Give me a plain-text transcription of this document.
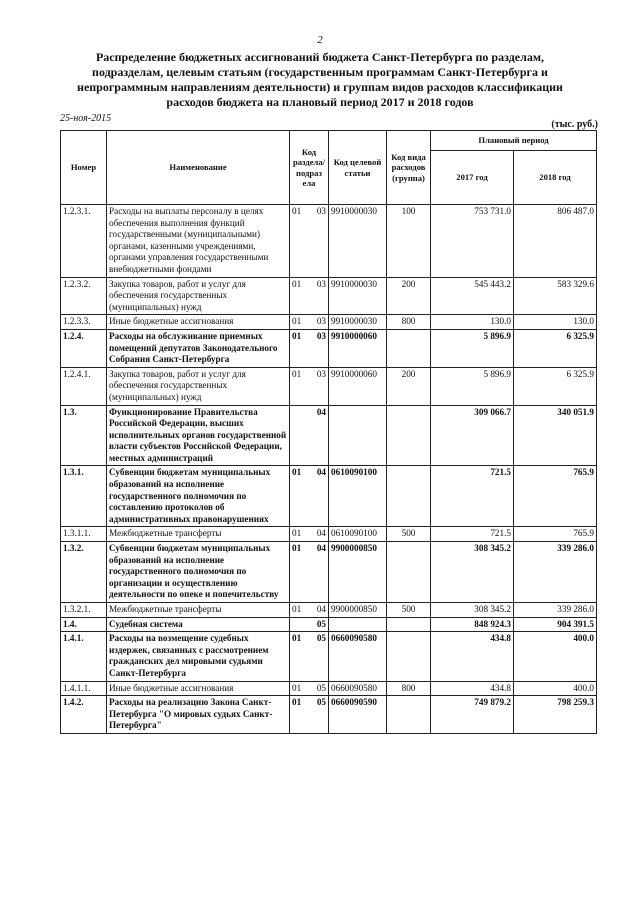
2
Распределение бюджетных ассигнований бюджета Санкт-Петербурга по разделам, подразделам, целевым статьям (государственным программам Санкт-Петербурга и непрограммным направлениям деятельности) и группам видов расходов классификации расходов бюджета на плановый период 2017 и 2018 годов
25-ноя-2015
(тыс. руб.)
Номер	Наименование	Код раздела/ подраз ела		Код целевой статьи	Код вида расходов (группа)	Плановый период	
						2017 год	2018 год
1.2.3.1.	Расходы на выплаты персоналу в целях обеспечения выполнения функций государственными (муниципальными) органами, казенными учреждениями, органами управления государственными внебюджетными фондами	01	03	9910000030	100	753 731.0	806 487.0
1.2.3.2.	Закупка товаров, работ и услуг для обеспечения государственных (муниципальных) нужд	01	03	9910000030	200	545 443.2	583 329.6
1.2.3.3.	Иные бюджетные ассигнования	01	03	9910000030	800	130.0	130.0
1.2.4.	Расходы на обслуживание приемных помещений депутатов Законодательного Собрания Санкт-Петербурга	01	03	9910000060		5 896.9	6 325.9
1.2.4.1.	Закупка товаров, работ и услуг для обеспечения государственных (муниципальных) нужд	01	03	9910000060	200	5 896.9	6 325.9
1.3.	Функционирование Правительства Российской Федерации, высших исполнительных органов государственной власти субъектов Российской Федерации, местных администраций		04			309 066.7	340 051.9
1.3.1.	Субвенции бюджетам муниципальных образований на исполнение государственного полномочия по составлению протоколов об административных правонарушениях	01	04	0610090100		721.5	765.9
1.3.1.1.	Межбюджетные трансферты	01	04	0610090100	500	721.5	765.9
1.3.2.	Субвенции бюджетам муниципальных образований на исполнение государственного полномочия по организации и осуществлению деятельности по опеке и попечительству	01	04	9900000850		308 345.2	339 286.0
1.3.2.1.	Межбюджетные трансферты	01	04	9900000850	500	308 345.2	339 286.0
1.4.	Судебная система		05			848 924.3	904 391.5
1.4.1.	Расходы на возмещение судебных издержек, связанных с рассмотрением гражданских дел мировыми судьями Санкт-Петербурга	01	05	0660090580		434.8	400.0
1.4.1.1.	Иные бюджетные ассигнования	01	05	0660090580	800	434.8	400.0
1.4.2.	Расходы на реализацию Закона Санкт-Петербурга "О мировых судьях Санкт-Петербурга"	01	05	0660090590		749 879.2	798 259.3
